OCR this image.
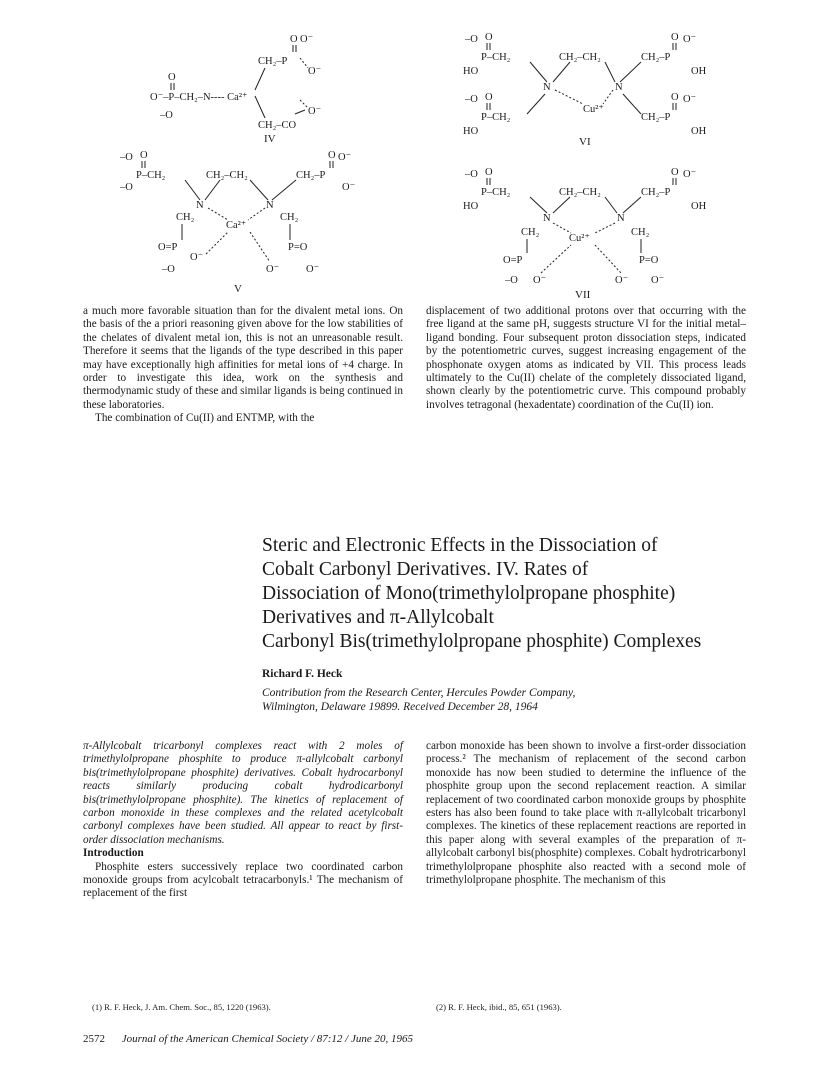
O O⁻
CH₂–P
O⁻
O
O⁻–P–CH₂–N---- Ca²⁺
O⁻
–O
CH₂–CO
IV
–O O
P–CH₂
–O
CH₂–CH₂	CH₂–P
O O⁻
O⁻
N	N
CH₂	CH₂
Ca²⁺
O=P	P=O
O⁻
–O	O⁻	O⁻
V
–O O
P–CH₂
HO
CH₂–CH₂	CH₂–P
O O⁻
OH
N	N
Cu²⁺
–O O
P–CH₂
HO
CH₂–P
O O⁻
OH
VI
–O O
P–CH₂
HO
CH₂–CH₂	CH₂–P
O O⁻
OH
N	N
CH₂	CH₂
Cu²⁺
O=P	P=O
–O O⁻	O⁻ O⁻
VII

a much more favorable situation than for the divalent metal ions. On the basis of the a priori reasoning given above for the low stabilities of the chelates of divalent metal ion, this is not an unreasonable result. Therefore it seems that the ligands of the type described in this paper may have exceptionally high affinities for metal ions of +4 charge. In order to investigate this idea, work on the synthesis and thermodynamic study of these and similar ligands is being continued in these laboratories.

The combination of Cu(II) and ENTMP, with the

displacement of two additional protons over that occurring with the free ligand at the same pH, suggests structure VI for the initial metal–ligand bonding. Four subsequent proton dissociation steps, indicated by the potentiometric curves, suggest increasing engagement of the phosphonate oxygen atoms as indicated by VII. This process leads ultimately to the Cu(II) chelate of the completely dissociated ligand, shown clearly by the potentiometric curve. This compound probably involves tetragonal (hexadentate) coordination of the Cu(II) ion.

Steric and Electronic Effects in the Dissociation of
Cobalt Carbonyl Derivatives. IV. Rates of
Dissociation of Mono(trimethylolpropane phosphite)
Derivatives and π-Allylcobalt
Carbonyl Bis(trimethylolpropane phosphite) Complexes
Richard F. Heck
Contribution from the Research Center, Hercules Powder Company,
Wilmington, Delaware 19899. Received December 28, 1964

π-Allylcobalt tricarbonyl complexes react with 2 moles of trimethylolpropane phosphite to produce π-allylcobalt carbonyl bis(trimethylolpropane phosphite) derivatives. Cobalt hydrocarbonyl reacts similarly producing cobalt hydrodicarbonyl bis(trimethylolpropane phosphite). The kinetics of replacement of carbon monoxide in these complexes and the related acetylcobalt carbonyl complexes have been studied. All appear to react by first-order dissociation mechanisms.

Introduction

Phosphite esters successively replace two coordinated carbon monoxide groups from acylcobalt tetracarbonyls.¹ The mechanism of replacement of the first

carbon monoxide has been shown to involve a first-order dissociation process.² The mechanism of replacement of the second carbon monoxide has now been studied to determine the influence of the phosphite group upon the second replacement reaction. A similar replacement of two coordinated carbon monoxide groups by phosphite esters has also been found to take place with π-allylcobalt tricarbonyl complexes. The kinetics of these replacement reactions are reported in this paper along with several examples of the preparation of π-allylcobalt carbonyl bis(phosphite) complexes. Cobalt hydrotricarbonyl trimethylolpropane phosphite also reacted with a second mole of trimethylolpropane phosphite. The mechanism of this

(1) R. F. Heck, J. Am. Chem. Soc., 85, 1220 (1963).	(2) R. F. Heck, ibid., 85, 651 (1963).
2572 Journal of the American Chemical Society / 87:12 / June 20, 1965
